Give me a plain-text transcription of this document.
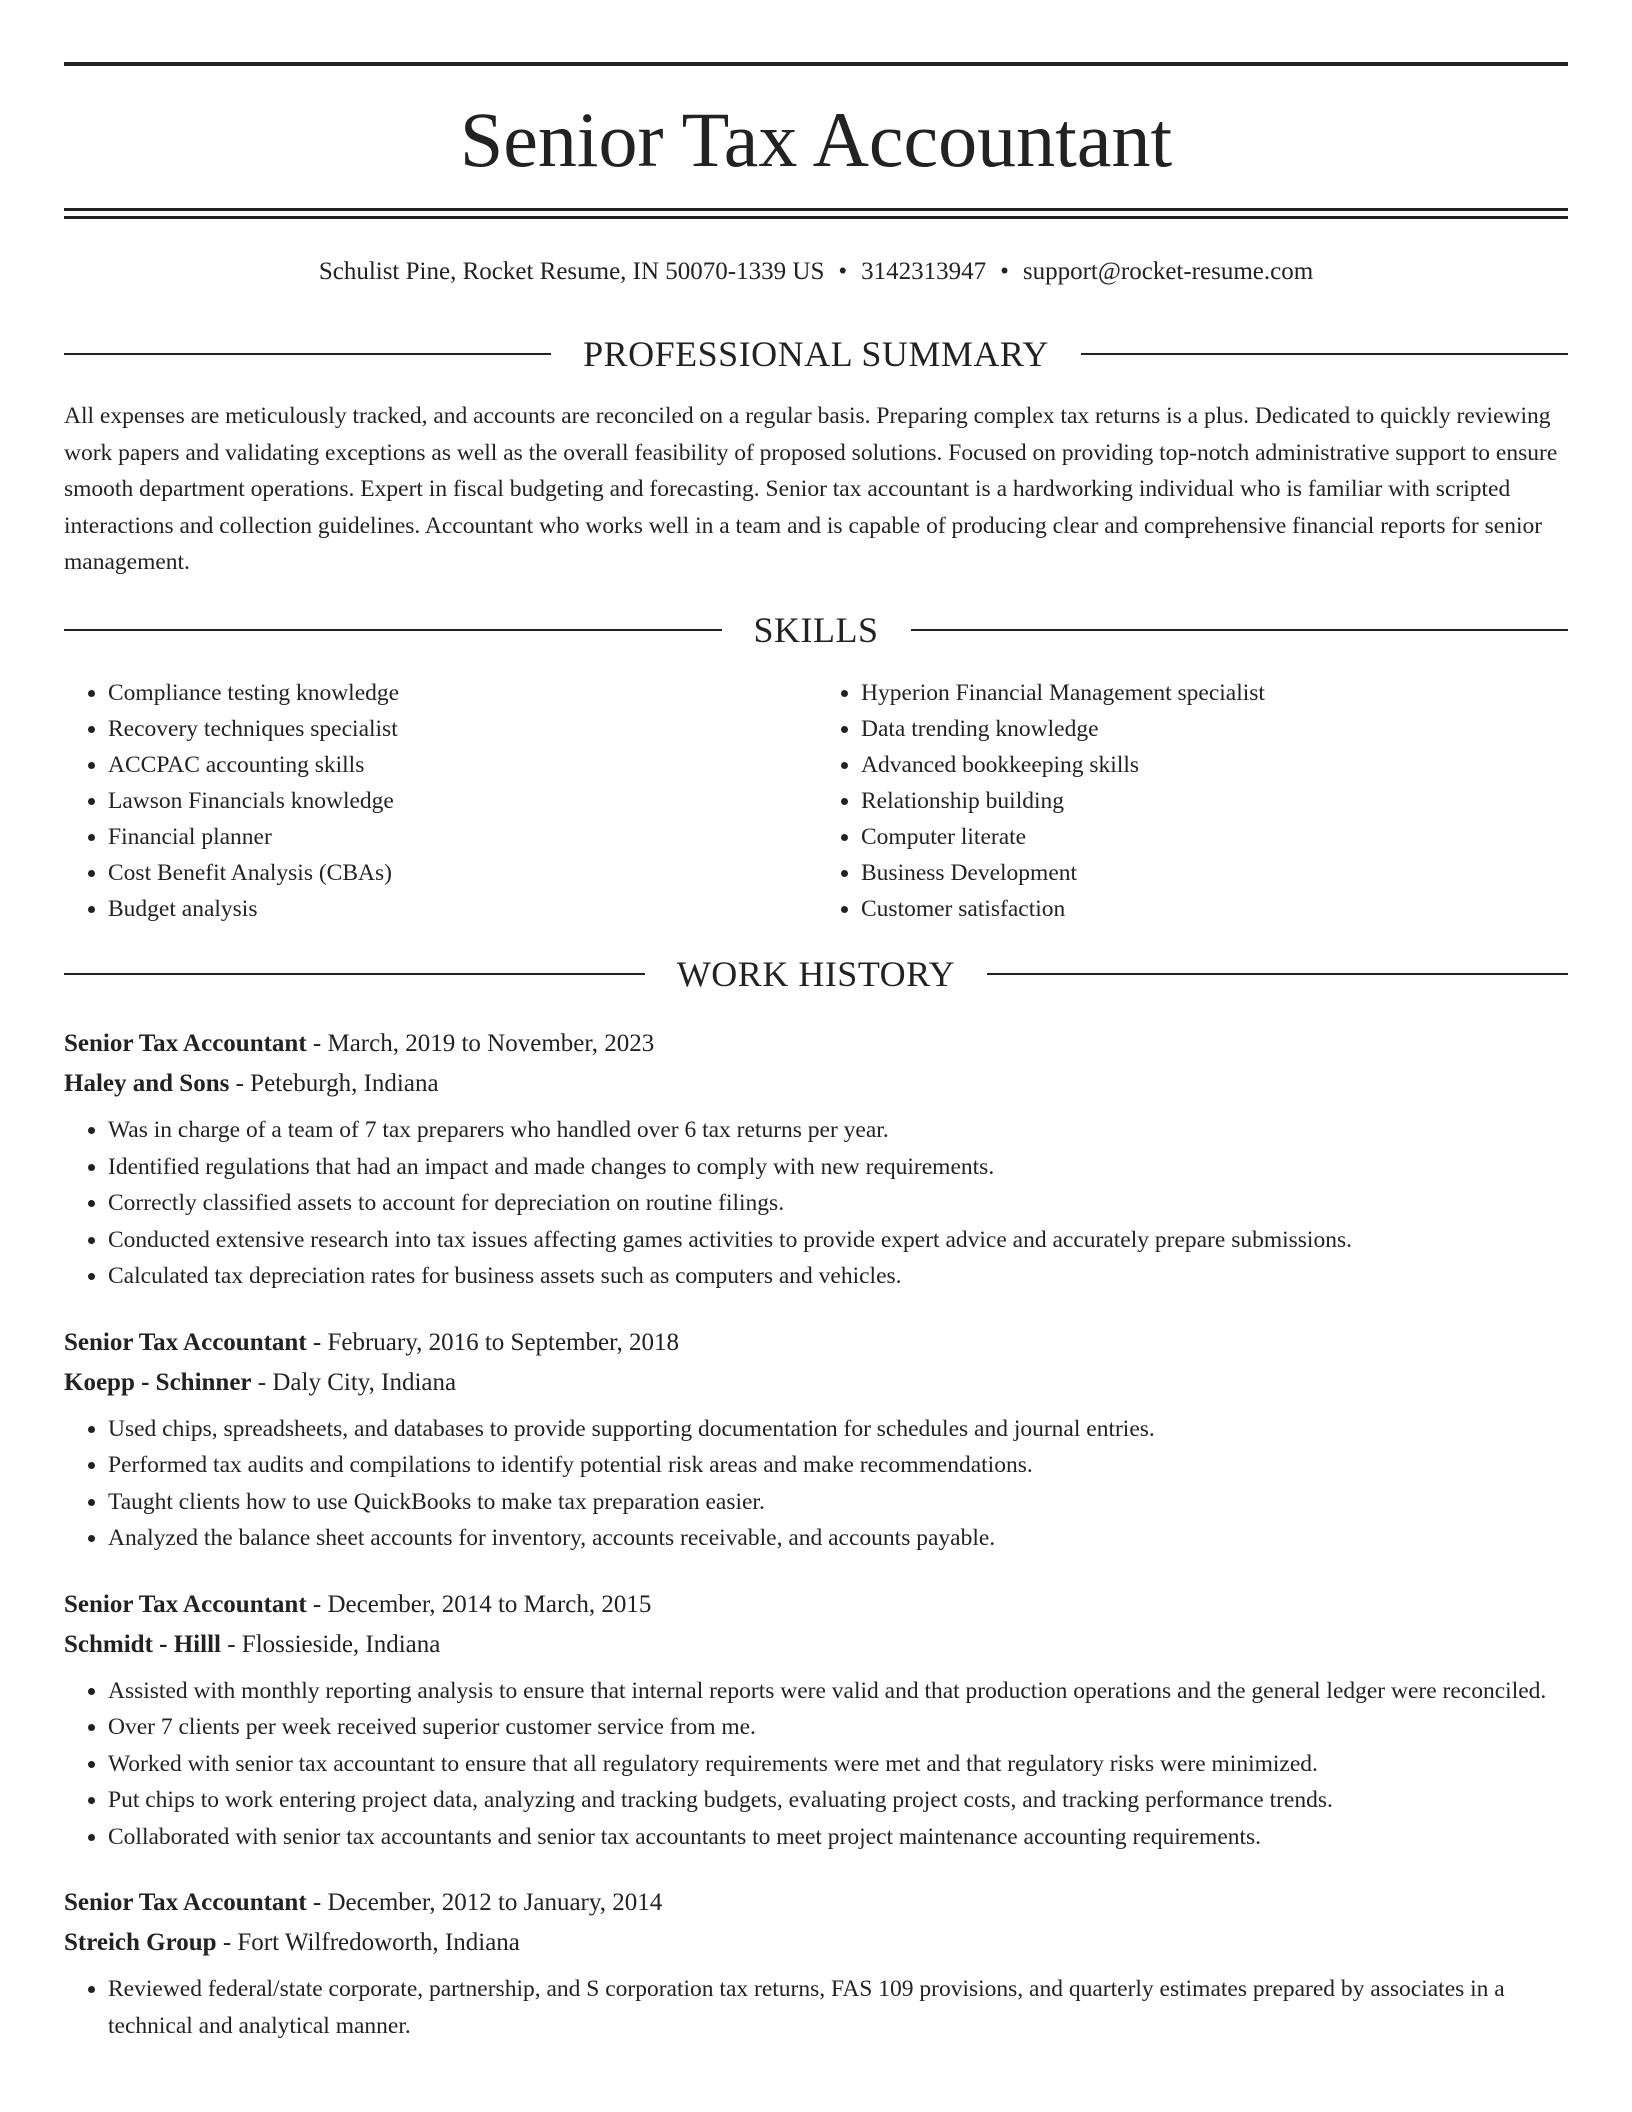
Senior Tax Accountant
Schulist Pine, Rocket Resume, IN 50070-1339 US • 3142313947 • support@rocket-resume.com
PROFESSIONAL SUMMARY

All expenses are meticulously tracked, and accounts are reconciled on a regular basis. Preparing complex tax returns is a plus. Dedicated to quickly reviewing work papers and validating exceptions as well as the overall feasibility of proposed solutions. Focused on providing top-notch administrative support to ensure smooth department operations. Expert in fiscal budgeting and forecasting. Senior tax accountant is a hardworking individual who is familiar with scripted interactions and collection guidelines. Accountant who works well in a team and is capable of producing clear and comprehensive financial reports for senior management.

SKILLS
• Compliance testing knowledge
• Recovery techniques specialist
• ACCPAC accounting skills
• Lawson Financials knowledge
• Financial planner
• Cost Benefit Analysis (CBAs)
• Budget analysis
• Hyperion Financial Management specialist
• Data trending knowledge
• Advanced bookkeeping skills
• Relationship building
• Computer literate
• Business Development
• Customer satisfaction
WORK HISTORY
Senior Tax Accountant - March, 2019 to November, 2023
Haley and Sons - Peteburgh, Indiana
• Was in charge of a team of 7 tax preparers who handled over 6 tax returns per year.
• Identified regulations that had an impact and made changes to comply with new requirements.
• Correctly classified assets to account for depreciation on routine filings.
• Conducted extensive research into tax issues affecting games activities to provide expert advice and accurately prepare submissions.
• Calculated tax depreciation rates for business assets such as computers and vehicles.
Senior Tax Accountant - February, 2016 to September, 2018
Koepp - Schinner - Daly City, Indiana
• Used chips, spreadsheets, and databases to provide supporting documentation for schedules and journal entries.
• Performed tax audits and compilations to identify potential risk areas and make recommendations.
• Taught clients how to use QuickBooks to make tax preparation easier.
• Analyzed the balance sheet accounts for inventory, accounts receivable, and accounts payable.
Senior Tax Accountant - December, 2014 to March, 2015
Schmidt - Hilll - Flossieside, Indiana
• Assisted with monthly reporting analysis to ensure that internal reports were valid and that production operations and the general ledger were reconciled.
• Over 7 clients per week received superior customer service from me.
• Worked with senior tax accountant to ensure that all regulatory requirements were met and that regulatory risks were minimized.
• Put chips to work entering project data, analyzing and tracking budgets, evaluating project costs, and tracking performance trends.
• Collaborated with senior tax accountants and senior tax accountants to meet project maintenance accounting requirements.
Senior Tax Accountant - December, 2012 to January, 2014
Streich Group - Fort Wilfredoworth, Indiana
• Reviewed federal/state corporate, partnership, and S corporation tax returns, FAS 109 provisions, and quarterly estimates prepared by associates in a technical and analytical manner.
